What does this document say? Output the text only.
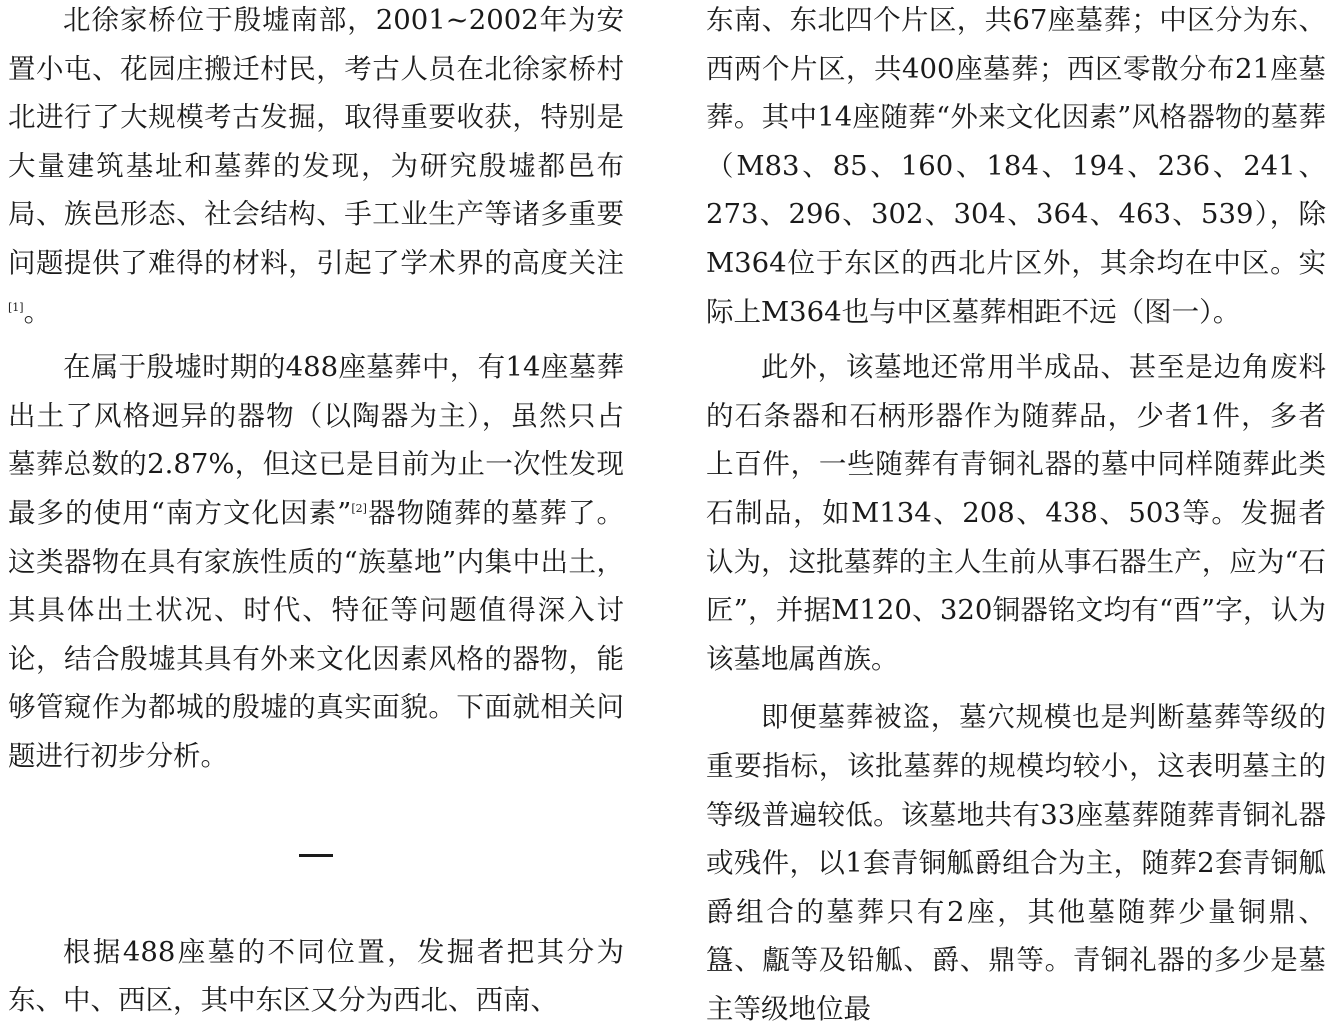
北徐家桥位于殷墟南部，2001~2002年为安置小屯、花园庄搬迁村民，考古人员在北徐家桥村北进行了大规模考古发掘，取得重要收获，特别是大量建筑基址和墓葬的发现，为研究殷墟都邑布局、族邑形态、社会结构、手工业生产等诸多重要问题提供了难得的材料，引起了学术界的高度关注[1]。

在属于殷墟时期的488座墓葬中，有14座墓葬出土了风格迥异的器物（以陶器为主），虽然只占墓葬总数的2.87%，但这已是目前为止一次性发现最多的使用“南方文化因素”[2]器物随葬的墓葬了。这类器物在具有家族性质的“族墓地”内集中出土，其具体出土状况、时代、特征等问题值得深入讨论，结合殷墟其具有外来文化因素风格的器物，能够管窥作为都城的殷墟的真实面貌。下面就相关问题进行初步分析。

根据488座墓的不同位置，发掘者把其分为东、中、西区，其中东区又分为西北、西南、

东南、东北四个片区，共67座墓葬；中区分为东、西两个片区，共400座墓葬；西区零散分布21座墓葬。其中14座随葬“外来文化因素”风格器物的墓葬（M83、85、160、184、194、236、241、273、296、302、304、364、463、539），除M364位于东区的西北片区外，其余均在中区。实际上M364也与中区墓葬相距不远（图一）。

此外，该墓地还常用半成品、甚至是边角废料的石条器和石柄形器作为随葬品，少者1件，多者上百件，一些随葬有青铜礼器的墓中同样随葬此类石制品，如M134、208、438、503等。发掘者认为，这批墓葬的主人生前从事石器生产，应为“石匠”，并据M120、320铜器铭文均有“酉”字，认为该墓地属酋族。

即便墓葬被盗，墓穴规模也是判断墓葬等级的重要指标，该批墓葬的规模均较小，这表明墓主的等级普遍较低。该墓地共有33座墓葬随葬青铜礼器或残件，以1套青铜觚爵组合为主，随葬2套青铜觚爵组合的墓葬只有2座，其他墓随葬少量铜鼎、簋、甗等及铅觚、爵、鼎等。青铜礼器的多少是墓主等级地位最
